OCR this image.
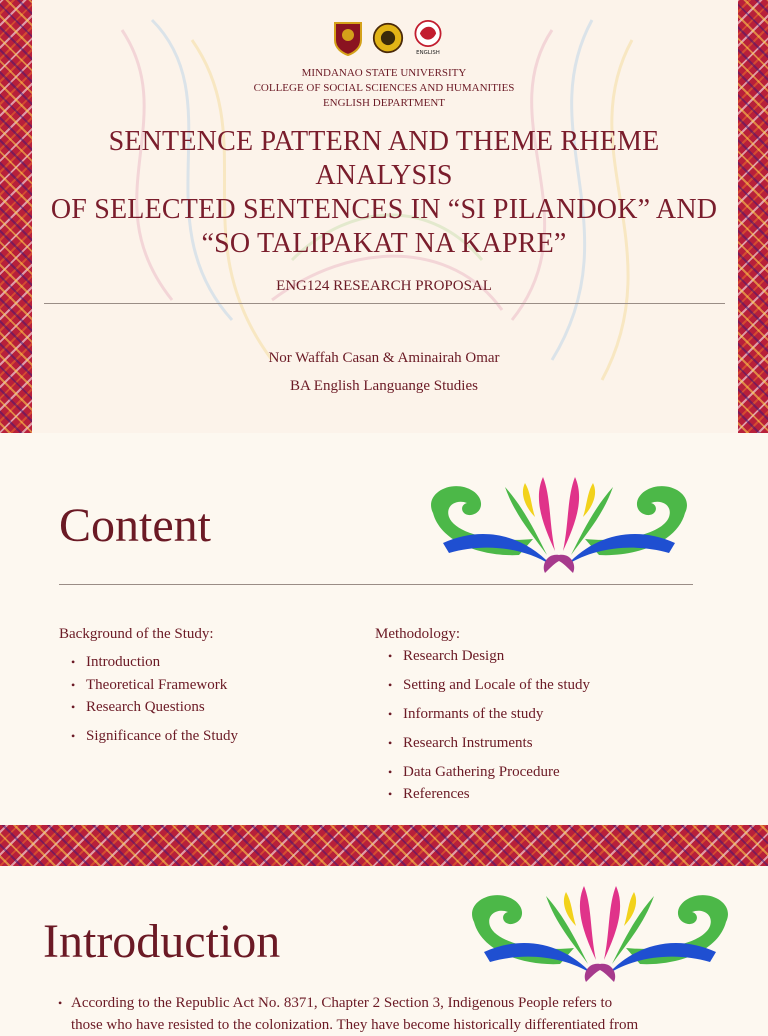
ENGLISH
MINDANAO STATE UNIVERSITY
COLLEGE OF SOCIAL SCIENCES AND HUMANITIES
ENGLISH DEPARTMENT
SENTENCE PATTERN AND THEME RHEME ANALYSIS
OF SELECTED SENTENCES IN “SI PILANDOK” AND
“SO TALIPAKAT NA KAPRE”
ENG124 RESEARCH PROPOSAL
Nor Waffah Casan & Aminairah Omar
BA English Languange Studies
Content
Background of the Study:
• Introduction
• Theoretical Framework
• Research Questions
• Significance of the Study
Methodology:
• Research Design
• Setting and Locale of the study
• Informants of the study
• Research Instruments
• Data Gathering Procedure
• References
Introduction
• According to the Republic Act No. 8371, Chapter 2 Section 3, Indigenous People refers to
those who have resisted to the colonization. They have become historically differentiated from
